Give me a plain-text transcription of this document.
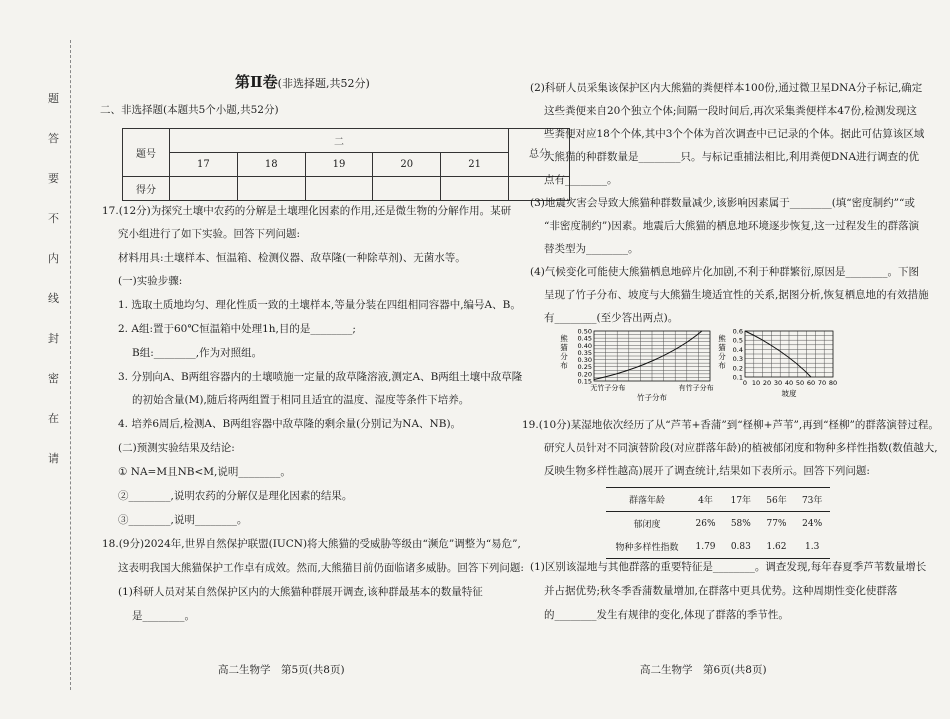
请
在
密
封
线
内
不
要
答
题
第Ⅱ卷(非选择题,共52分)
二、非选择题(本题共5个小题,共52分)
题号	二					总分
	17	18	19	20	21	
得分						
17.(12分)为探究土壤中农药的分解是土壤理化因素的作用,还是微生物的分解作用。某研
究小组进行了如下实验。回答下列问题:
材料用具:土壤样本、恒温箱、检测仪器、敌草隆(一种除草剂)、无菌水等。
(一)实验步骤:
1. 选取土质地均匀、理化性质一致的土壤样本,等量分装在四组相同容器中,编号A、B。
2. A组:置于60℃恒温箱中处理1h,目的是________;
B组:________,作为对照组。
3. 分别向A、B两组容器内的土壤喷施一定量的敌草隆溶液,测定A、B两组土壤中敌草隆
的初始含量(M),随后将两组置于相同且适宜的温度、湿度等条件下培养。
4. 培养6周后,检测A、B两组容器中敌草隆的剩余量(分别记为NA、NB)。
(二)预测实验结果及结论:
① NA=M且NB<M,说明________。
②________,说明农药的分解仅是理化因素的结果。
③________,说明________。
18.(9分)2024年,世界自然保护联盟(IUCN)将大熊猫的受威胁等级由“濒危”调整为“易危”,
这表明我国大熊猫保护工作卓有成效。然而,大熊猫目前仍面临诸多威胁。回答下列问题:
(1)科研人员对某自然保护区内的大熊猫种群展开调查,该种群最基本的数量特征
是________。
高二生物学　第5页(共8页)
(2)科研人员采集该保护区内大熊猫的粪便样本100份,通过微卫星DNA分子标记,确定
这些粪便来自20个独立个体;间隔一段时间后,再次采集粪便样本47份,检测发现这
些粪便对应18个个体,其中3个个体为首次调查中已记录的个体。据此可估算该区域
大熊猫的种群数量是________只。与标记重捕法相比,利用粪便DNA进行调查的优
点有________。
(3)地震灾害会导致大熊猫种群数量减少,该影响因素属于________(填“密度制约”“或
“非密度制约”)因素。地震后大熊猫的栖息地环境逐步恢复,这一过程发生的群落演
替类型为________。
(4)气候变化可能使大熊猫栖息地碎片化加剧,不利于种群繁衍,原因是________。下图
呈现了竹子分布、坡度与大熊猫生境适宜性的关系,据图分析,恢复栖息地的有效措施
有________(至少答出两点)。
0.50
0.45
0.40
0.35
0.30
0.25
0.20
0.15
熊
猫
分
布
无竹子分布	有竹子分布
竹子分布
0.6
0.5
0.4
0.3
0.2
0.1
熊
猫
分
布
0 10 20 30 40 50 60 70 80
坡度
19.(10分)某湿地依次经历了从“芦苇+香蒲”到“柽柳+芦苇”,再到“柽柳”的群落演替过程。
研究人员针对不同演替阶段(对应群落年龄)的植被郁闭度和物种多样性指数(数值越大,
反映生物多样性越高)展开了调查统计,结果如下表所示。回答下列问题:
群落年龄	4年	17年	56年	73年
郁闭度	26%	58%	77%	24%
物种多样性指数	1.79	0.83	1.62	1.3
(1)区别该湿地与其他群落的重要特征是________。调查发现,每年春夏季芦苇数量增长
并占据优势;秋冬季香蒲数量增加,在群落中更具优势。这种周期性变化使群落
的________发生有规律的变化,体现了群落的季节性。
高二生物学　第6页(共8页)
